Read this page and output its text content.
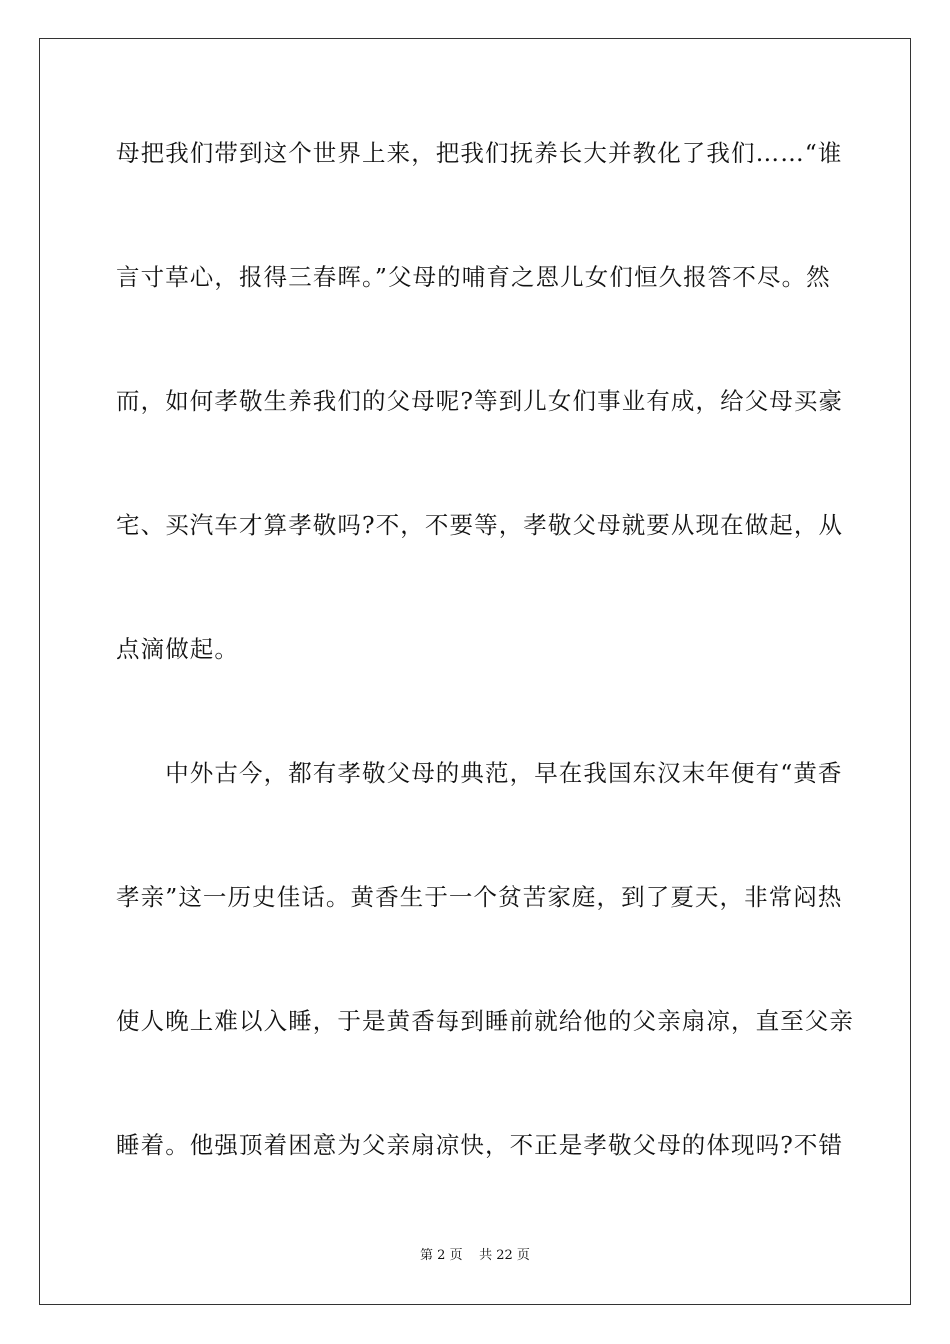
母把我们带到这个世界上来，把我们抚养长大并教化了我们……“谁
言寸草心，报得三春晖。”父母的哺育之恩儿女们恒久报答不尽。然
而，如何孝敬生养我们的父母呢?等到儿女们事业有成，给父母买豪
宅、买汽车才算孝敬吗?不，不要等，孝敬父母就要从现在做起，从
点滴做起。
　　中外古今，都有孝敬父母的典范，早在我国东汉末年便有“黄香
孝亲”这一历史佳话。黄香生于一个贫苦家庭，到了夏天，非常闷热
使人晚上难以入睡，于是黄香每到睡前就给他的父亲扇凉，直至父亲
睡着。他强顶着困意为父亲扇凉快，不正是孝敬父母的体现吗?不错
第 2 页 共 22 页
